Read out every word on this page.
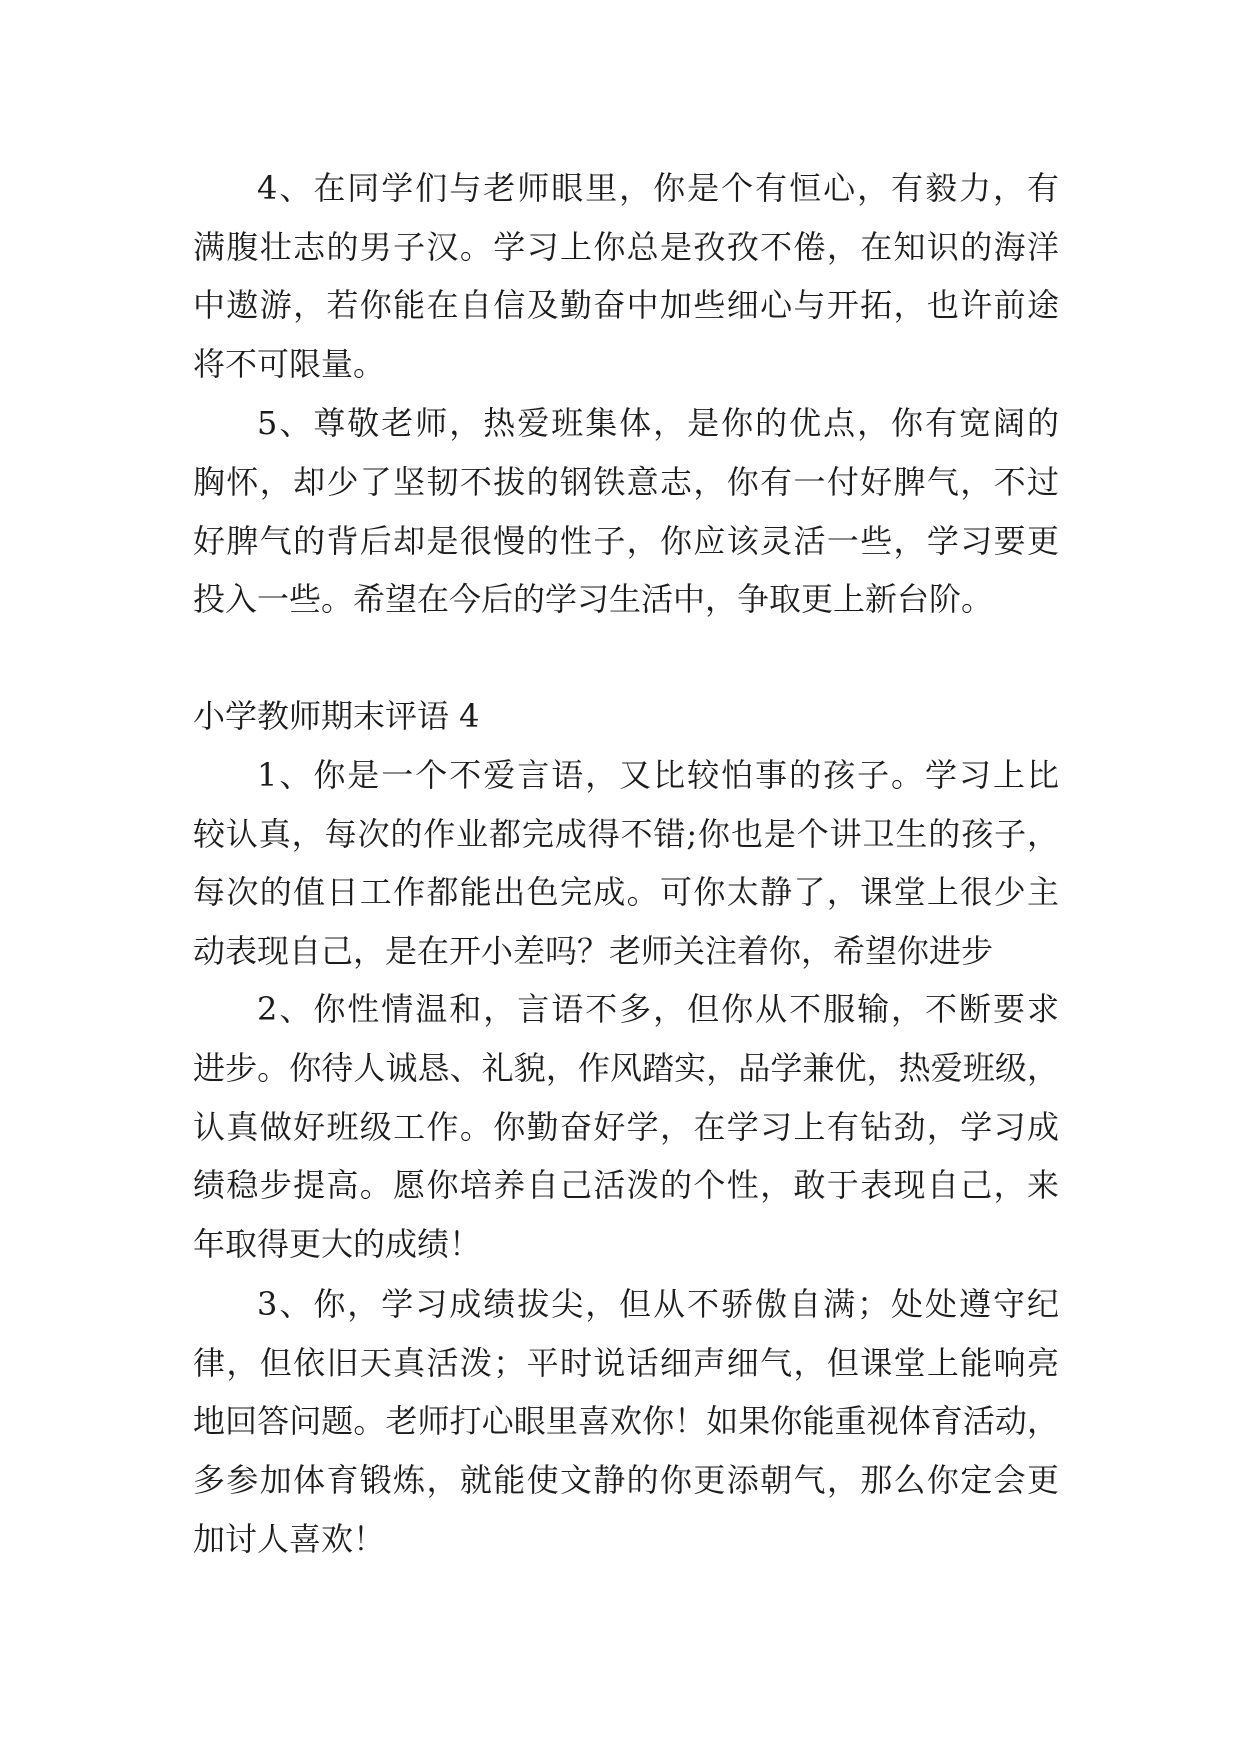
4、在同学们与老师眼里，你是个有恒心，有毅力，有
满腹壮志的男子汉。学习上你总是孜孜不倦，在知识的海洋
中遨游，若你能在自信及勤奋中加些细心与开拓，也许前途
将不可限量。
5、尊敬老师，热爱班集体，是你的优点，你有宽阔的
胸怀，却少了坚韧不拔的钢铁意志，你有一付好脾气，不过
好脾气的背后却是很慢的性子，你应该灵活一些，学习要更
投入一些。希望在今后的学习生活中，争取更上新台阶。
小学教师期末评语 4
1、你是一个不爱言语，又比较怕事的孩子。学习上比
较认真，每次的作业都完成得不错;你也是个讲卫生的孩子，
每次的值日工作都能出色完成。可你太静了，课堂上很少主
动表现自己，是在开小差吗？老师关注着你，希望你进步
2、你性情温和，言语不多，但你从不服输，不断要求
进步。你待人诚恳、礼貌，作风踏实，品学兼优，热爱班级，
认真做好班级工作。你勤奋好学，在学习上有钻劲，学习成
绩稳步提高。愿你培养自己活泼的个性，敢于表现自己，来
年取得更大的成绩！
3、你，学习成绩拔尖，但从不骄傲自满；处处遵守纪
律，但依旧天真活泼；平时说话细声细气，但课堂上能响亮
地回答问题。老师打心眼里喜欢你！如果你能重视体育活动，
多参加体育锻炼，就能使文静的你更添朝气，那么你定会更
加讨人喜欢！
